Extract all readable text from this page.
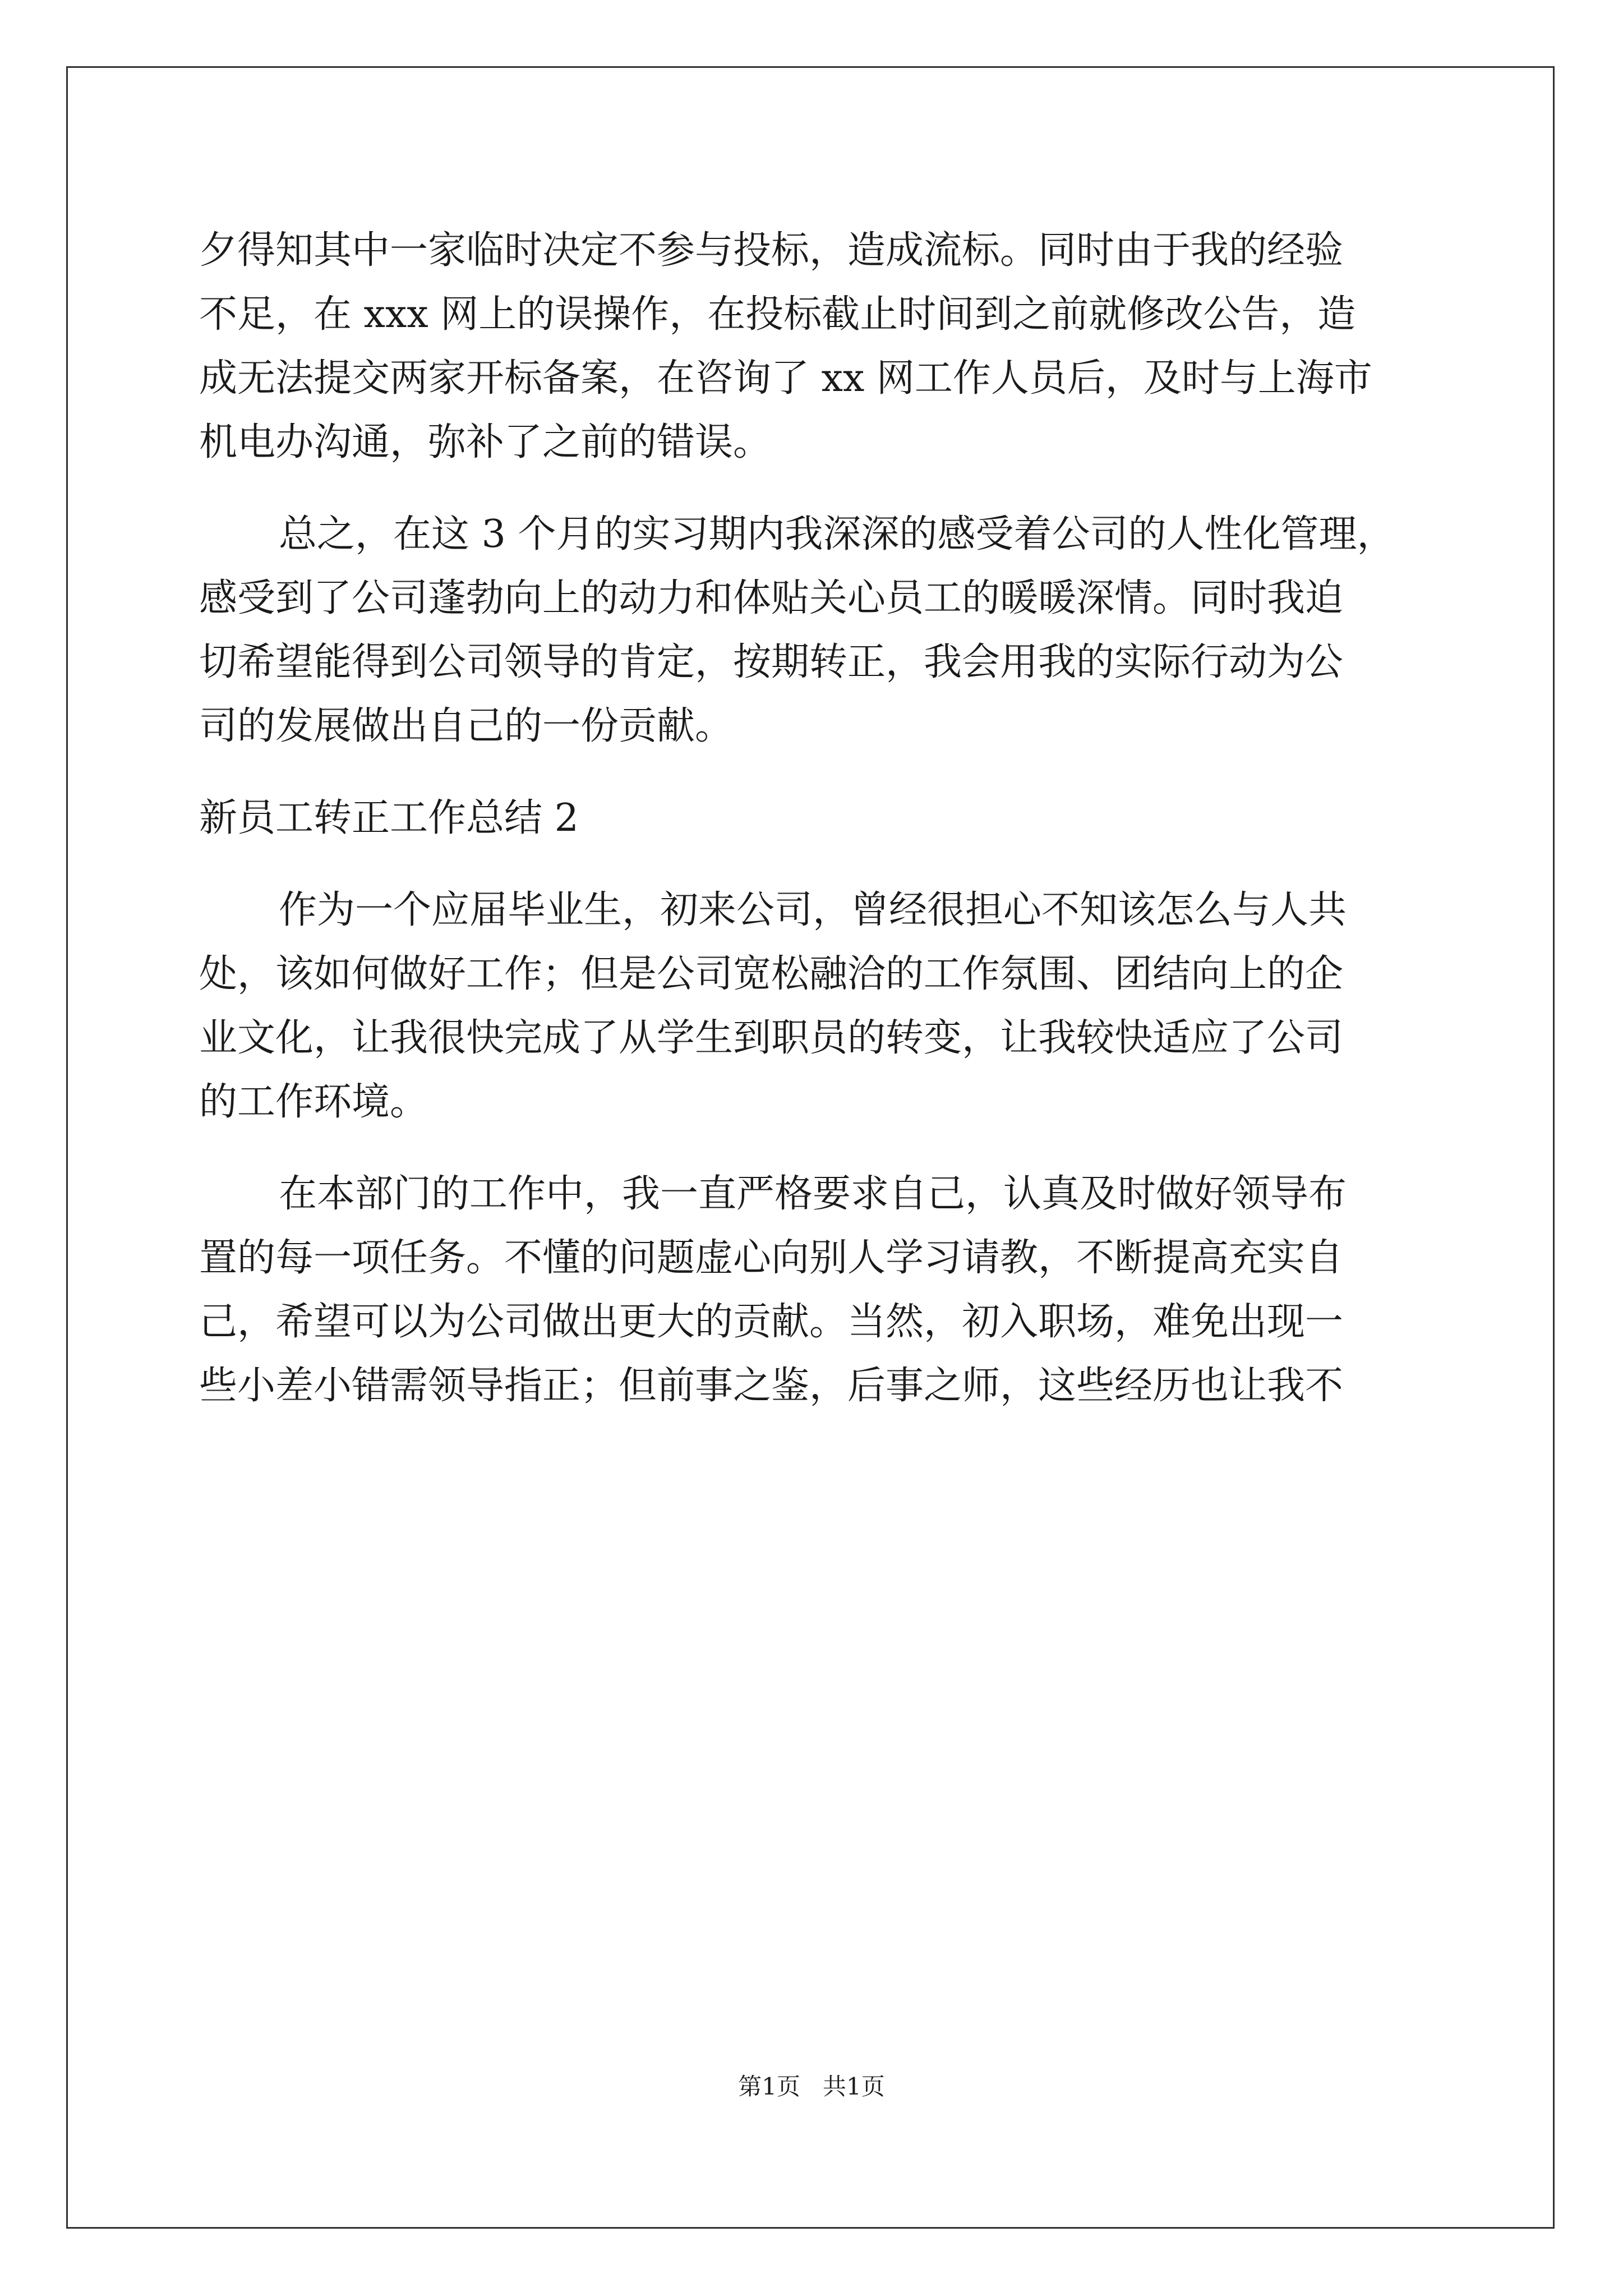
夕得知其中一家临时决定不参与投标，造成流标。同时由于我的经验
不足，在 xxx 网上的误操作，在投标截止时间到之前就修改公告，造
成无法提交两家开标备案，在咨询了 xx 网工作人员后，及时与上海市
机电办沟通，弥补了之前的错误。
总之，在这 3 个月的实习期内我深深的感受着公司的人性化管理，
感受到了公司蓬勃向上的动力和体贴关心员工的暖暖深情。同时我迫
切希望能得到公司领导的肯定，按期转正，我会用我的实际行动为公
司的发展做出自己的一份贡献。
新员工转正工作总结 2
作为一个应届毕业生，初来公司，曾经很担心不知该怎么与人共
处，该如何做好工作；但是公司宽松融洽的工作氛围、团结向上的企
业文化，让我很快完成了从学生到职员的转变，让我较快适应了公司
的工作环境。
在本部门的工作中，我一直严格要求自己，认真及时做好领导布
置的每一项任务。不懂的问题虚心向别人学习请教，不断提高充实自
己，希望可以为公司做出更大的贡献。当然，初入职场，难免出现一
些小差小错需领导指正；但前事之鉴，后事之师，这些经历也让我不
第1页   共1页
